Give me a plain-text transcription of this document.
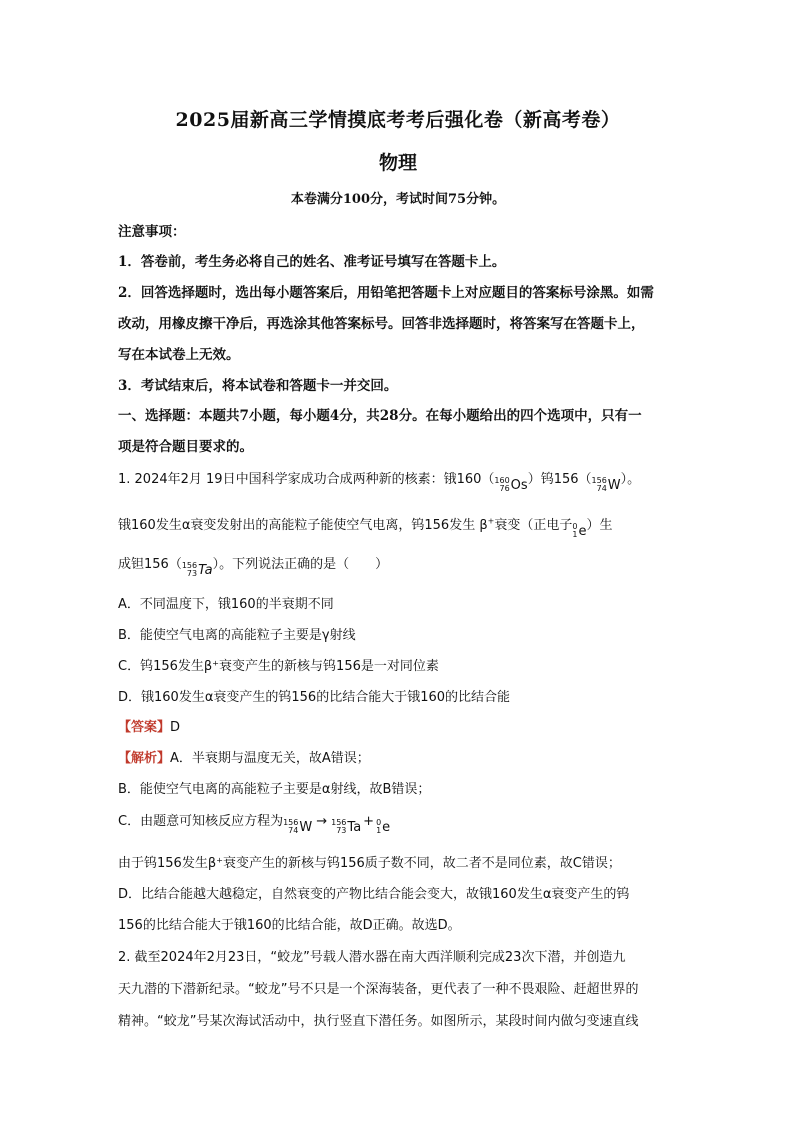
2025届新高三学情摸底考考后强化卷（新高考卷）
物理
本卷满分100分，考试时间75分钟。
注意事项：
1．答卷前，考生务必将自己的姓名、准考证号填写在答题卡上。
2．回答选择题时，选出每小题答案后，用铅笔把答题卡上对应题目的答案标号涂黑。如需
改动，用橡皮擦干净后，再选涂其他答案标号。回答非选择题时，将答案写在答题卡上，
写在本试卷上无效。
3．考试结束后，将本试卷和答题卡一并交回。
一、选择题：本题共7小题，每小题4分，共28分。在每小题给出的四个选项中，只有一
项是符合题目要求的。
1. 2024年2月 19日中国科学家成功合成两种新的核素：锇160（ 160
76 Os ）钨156（ 156
74 W ）。
锇160发生α衰变发射出的高能粒子能使空气电离，钨156发生 β+衰变（正电子 0
1 e ）生
成钽156（ 156
73 Ta ）。下列说法正确的是（　　）
A．不同温度下，锇160的半衰期不同
B．能使空气电离的高能粒子主要是γ射线
C．钨156发生β⁺衰变产生的新核与钨156是一对同位素
D．锇160发生α衰变产生的钨156的比结合能大于锇160的比结合能
【答案】D
【解析】A．半衰期与温度无关，故A错误；
B．能使空气电离的高能粒子主要是α射线，故B错误；
C．由题意可知核反应方程为 156
74 W → 156
73 Ta + 0
1 e
由于钨156发生β⁺衰变产生的新核与钨156质子数不同，故二者不是同位素，故C错误；
D．比结合能越大越稳定，自然衰变的产物比结合能会变大，故锇160发生α衰变产生的钨
156的比结合能大于锇160的比结合能，故D正确。故选D。
2. 截至2024年2月23日，“蛟龙”号载人潜水器在南大西洋顺利完成23次下潜，并创造九
天九潜的下潜新纪录。“蛟龙”号不只是一个深海装备，更代表了一种不畏艰险、赶超世界的
精神。“蛟龙”号某次海试活动中，执行竖直下潜任务。如图所示，某段时间内做匀变速直线
